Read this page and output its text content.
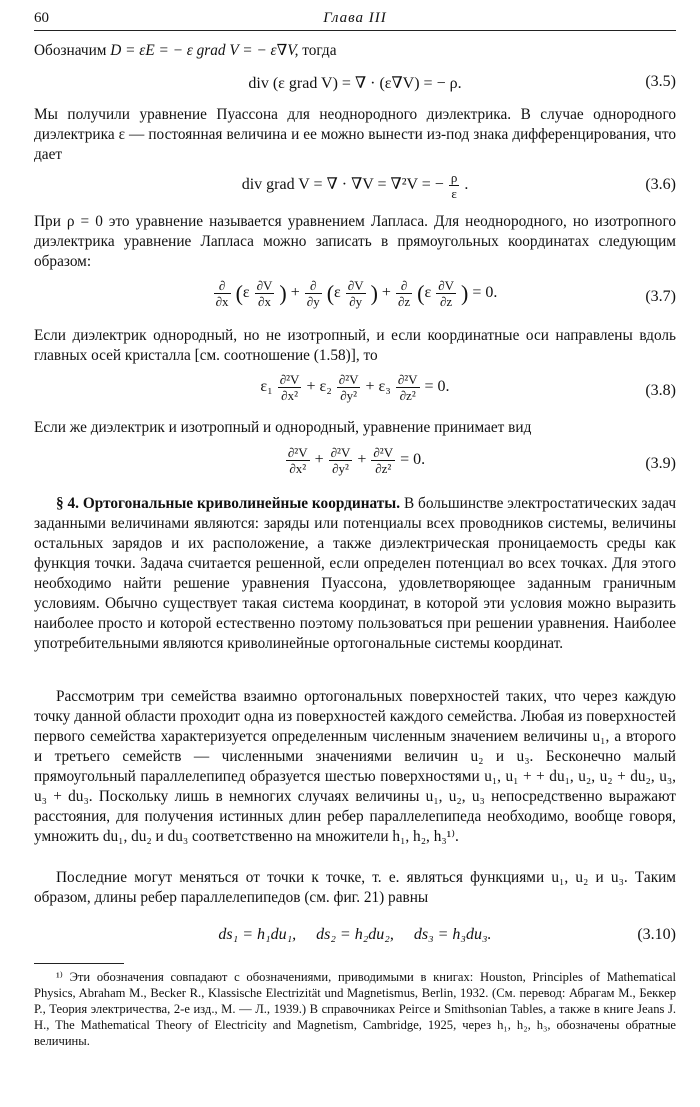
60	Глава III
Обозначим D = εE = − ε grad V = − ε∇V, тогда
div (ε grad V) = ∇ · (ε∇V) = − ρ.	(3.5)
Мы получили уравнение Пуассона для неоднородного диэлектрика. В случае однородного диэлектрика ε — постоянная величина и ее можно вынести из-под знака дифференцирования, что дает
div grad V = ∇ · ∇V = ∇²V = − $\frac{\rho}{\varepsilon}$ .	(3.6)
При ρ = 0 это уравнение называется уравнением Лапласа. Для неоднородного, но изотропного диэлектрика уравнение Лапласа можно записать в прямоугольных координатах следующим образом:
$\frac{\partial}{\partial x} (\varepsilon \frac{\partial V}{\partial x}$ ) + $\frac{\partial}{\partial y} (\varepsilon \frac{\partial V}{\partial y}$ ) + $\frac{\partial}{\partial z} (\varepsilon \frac{\partial V}{\partial z}$ ) = 0.	(3.7)
Если диэлектрик однородный, но не изотропный, и если координатные оси направлены вдоль главных осей кристалла [см. соотношение (1.58)], то
$\varepsilon_1 \frac{\text{∂²V}}{\text{∂x²}} + \varepsilon_2 \frac{\text{∂²V}}{\text{∂y²}} + \varepsilon_3 \frac{\text{∂²V}}{\text{∂z²}} = 0$.	(3.8)
Если же диэлектрик и изотропный и однородный, уравнение принимает вид
$\frac{\text{∂²V}}{\text{∂x²}} + \frac{\text{∂²V}}{\text{∂y²}} + \frac{\text{∂²V}}{\text{∂z²}} = 0$.	(3.9)
§ 4. Ортогональные криволинейные координаты. В большинстве электростатических задач заданными величинами являются: заряды или потенциалы всех проводников системы, величины остальных зарядов и их расположение, а также диэлектрическая проницаемость среды как функция точки. Задача считается решенной, если определен потенциал во всех точках. Для этого необходимо найти решение уравнения Пуассона, удовлетворяющее заданным граничным условиям. Обычно существует такая система координат, в которой эти условия можно выразить наиболее просто и которой естественно поэтому пользоваться при решении уравнения. Наиболее употребительными являются криволинейные ортогональные системы координат.
Рассмотрим три семейства взаимно ортогональных поверхностей таких, что через каждую точку данной области проходит одна из поверхностей каждого семейства. Любая из поверхностей первого семейства характеризуется определенным численным значением величины u₁, а второго и третьего семейств — численными значениями величин u₂ и u₃. Бесконечно малый прямоугольный параллелепипед образуется шестью поверхностями u₁, u₁ + + du₁, u₂, u₂ + du₂, u₃, u₃ + du₃. Поскольку лишь в немногих случаях величины u₁, u₂, u₃ непосредственно выражают расстояния, для получения истинных длин ребер параллелепипеда необходимо, вообще говоря, умножить du₁, du₂ и du₃ соответственно на множители h₁, h₂, h₃¹⁾.
Последние могут меняться от точки к точке, т. е. являться функциями u₁, u₂ и u₃. Таким образом, длины ребер параллелепипедов (см. фиг. 21) равны
ds₁ = h₁du₁,     ds₂ = h₂du₂,     ds₃ = h₃du₃.	(3.10)
¹⁾ Эти обозначения совпадают с обозначениями, приводимыми в книгах: Houston, Principles of Mathematical Physics, Abraham M., Becker R., Klassische Electrizität und Magnetismus, Berlin, 1932. (См. перевод: Абрагам М., Беккер Р., Теория электричества, 2-е изд., М. — Л., 1939.) В справочниках Peirce и Smithsonian Tables, а также в книге Jeans J. H., The Mathematical Theory of Electricity and Magnetism, Cambridge, 1925, через h₁, h₂, h₃, обозначены обратные величины.
